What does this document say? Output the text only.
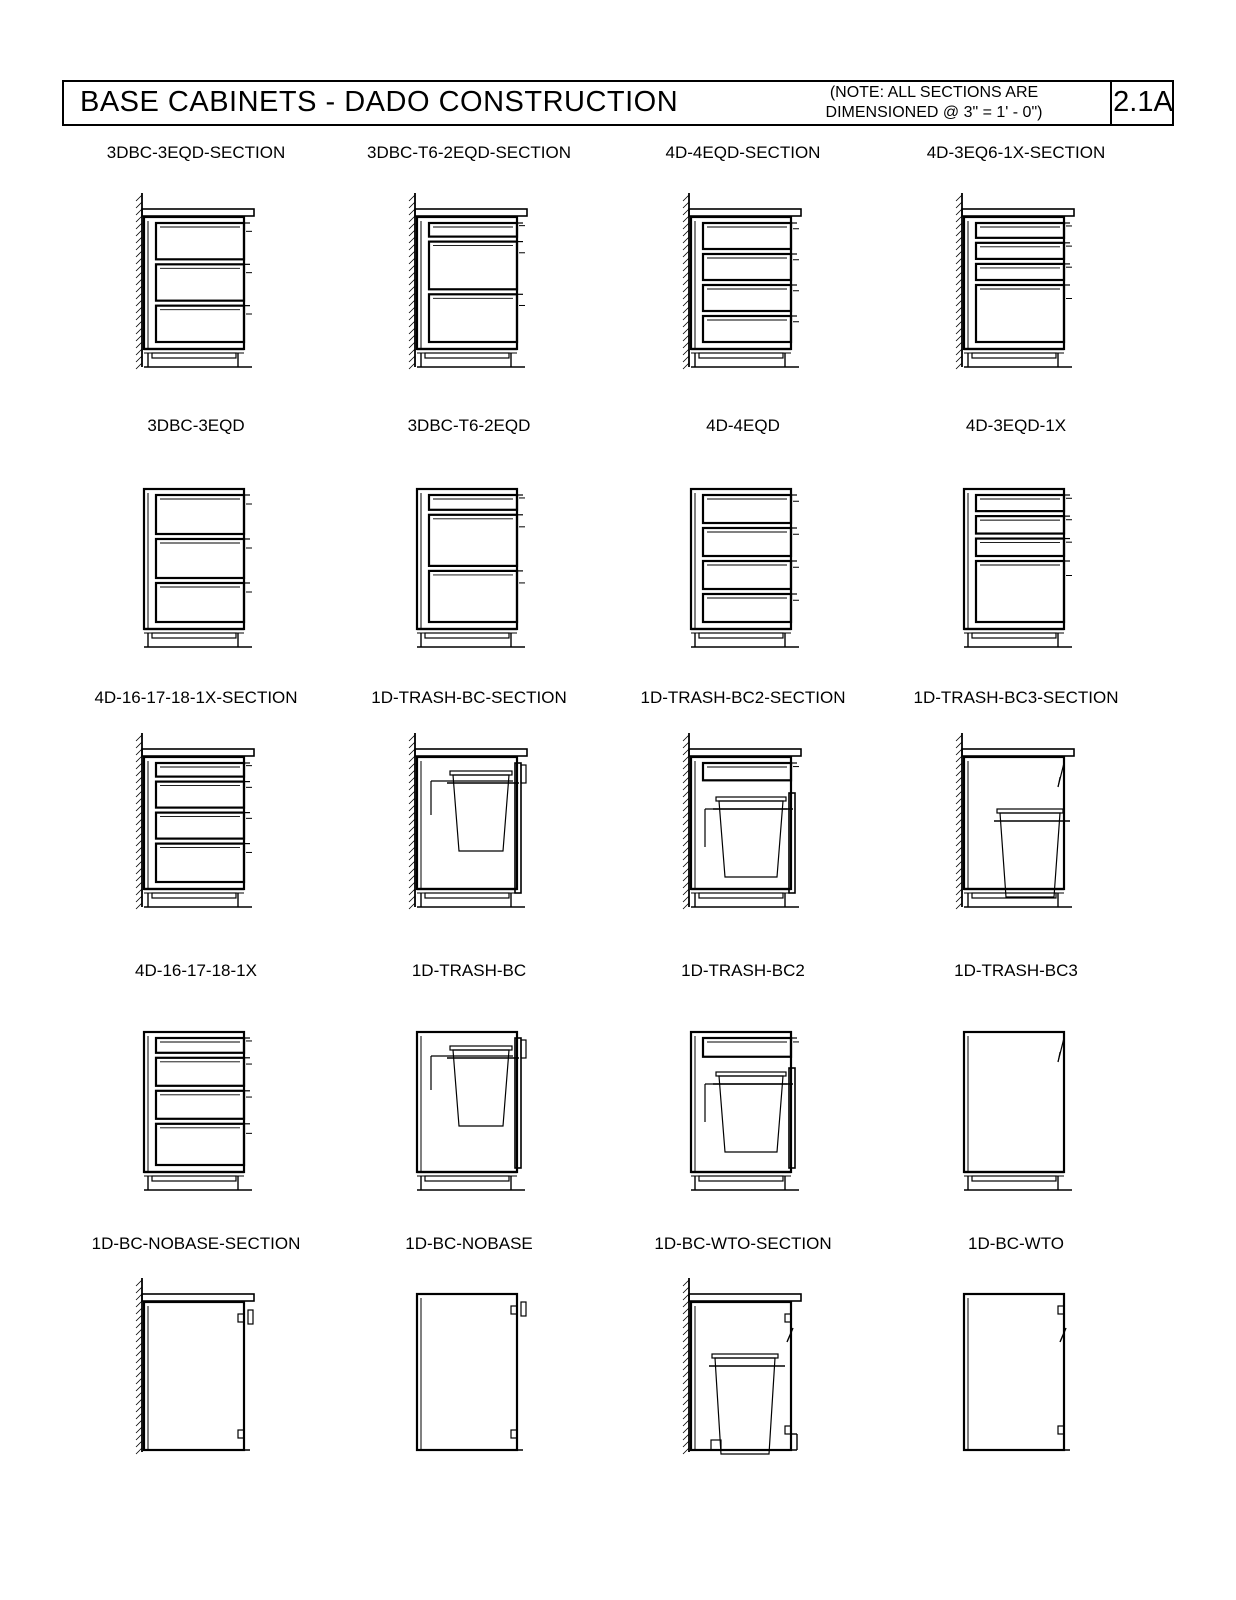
BASE CABINETS - DADO CONSTRUCTION	(NOTE: ALL SECTIONS ARE
DIMENSIONED @ 3" = 1' - 0")	2.1A
3DBC-3EQD-SECTION	3DBC-T6-2EQD-SECTION	4D-4EQD-SECTION	4D-3EQ6-1X-SECTION
3DBC-3EQD	3DBC-T6-2EQD	4D-4EQD	4D-3EQD-1X
4D-16-17-18-1X-SECTION	1D-TRASH-BC-SECTION	1D-TRASH-BC2-SECTION	1D-TRASH-BC3-SECTION
4D-16-17-18-1X	1D-TRASH-BC	1D-TRASH-BC2	1D-TRASH-BC3
1D-BC-NOBASE-SECTION	1D-BC-NOBASE	1D-BC-WTO-SECTION	1D-BC-WTO
